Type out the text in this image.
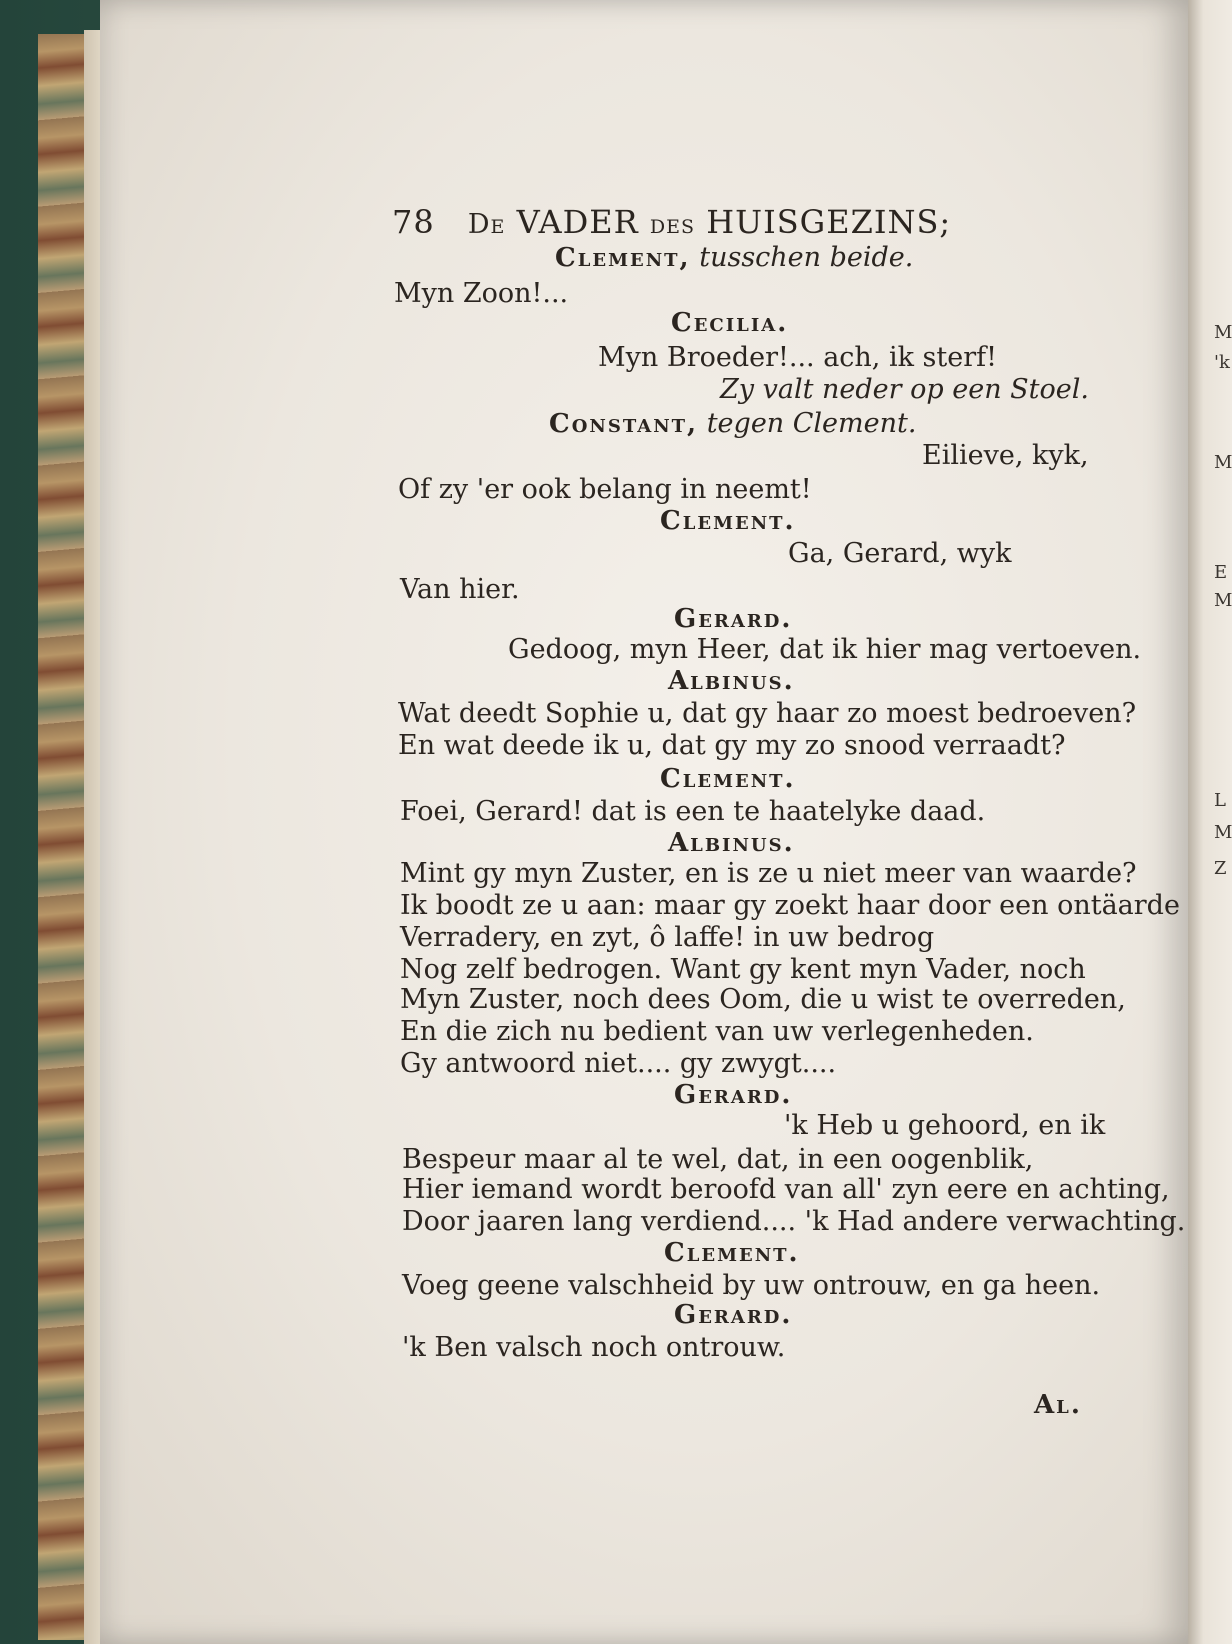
M
'k
M
E
M
L
M
Z
78 De VADER des HUISGEZINS;
Clement, tusschen beide.
Myn Zoon!...
Cecilia.
Myn Broeder!... ach, ik sterf!
Zy valt neder op een Stoel.
Constant, tegen Clement.
Eilieve, kyk,
Of zy 'er ook belang in neemt!
Clement.
Ga, Gerard, wyk
Van hier.
Gerard.
Gedoog, myn Heer, dat ik hier mag vertoeven.
Albinus.
Wat deedt Sophie u, dat gy haar zo moest bedroeven?
En wat deede ik u, dat gy my zo snood verraadt?
Clement.
Foei, Gerard! dat is een te haatelyke daad.
Albinus.
Mint gy myn Zuster, en is ze u niet meer van waarde?
Ik boodt ze u aan: maar gy zoekt haar door een ontäarde
Verradery, en zyt, ô laffe! in uw bedrog
Nog zelf bedrogen. Want gy kent myn Vader, noch
Myn Zuster, noch dees Oom, die u wist te overreden,
En die zich nu bedient van uw verlegenheden.
Gy antwoord niet.... gy zwygt....
Gerard.
'k Heb u gehoord, en ik
Bespeur maar al te wel, dat, in een oogenblik,
Hier iemand wordt beroofd van all' zyn eere en achting,
Door jaaren lang verdiend.... 'k Had andere verwachting.
Clement.
Voeg geene valschheid by uw ontrouw, en ga heen.
Gerard.
'k Ben valsch noch ontrouw.
Al.
